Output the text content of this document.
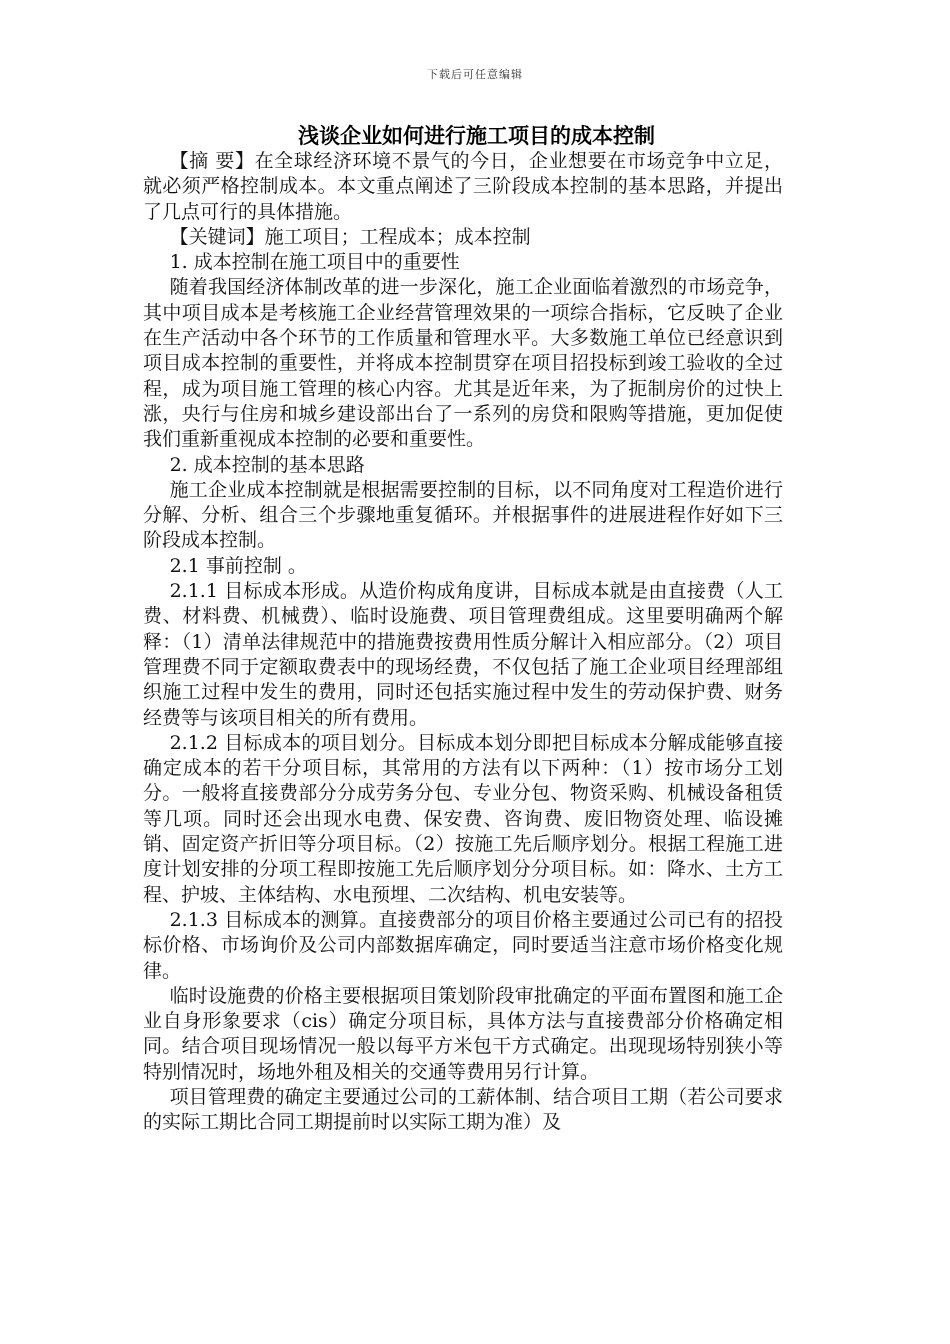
下载后可任意编辑
浅谈企业如何进行施工项目的成本控制

【摘 要】在全球经济环境不景气的今日，企业想要在市场竞争中立足，就必须严格控制成本。本文重点阐述了三阶段成本控制的基本思路，并提出了几点可行的具体措施。

【关键词】施工项目；工程成本；成本控制

1. 成本控制在施工项目中的重要性

随着我国经济体制改革的进一步深化，施工企业面临着激烈的市场竞争，其中项目成本是考核施工企业经营管理效果的一项综合指标，它反映了企业在生产活动中各个环节的工作质量和管理水平。大多数施工单位已经意识到项目成本控制的重要性，并将成本控制贯穿在项目招投标到竣工验收的全过程，成为项目施工管理的核心内容。尤其是近年来，为了扼制房价的过快上涨，央行与住房和城乡建设部出台了一系列的房贷和限购等措施，更加促使我们重新重视成本控制的必要和重要性。

2. 成本控制的基本思路

施工企业成本控制就是根据需要控制的目标，以不同角度对工程造价进行分解、分析、组合三个步骤地重复循环。并根据事件的进展进程作好如下三阶段成本控制。

2.1 事前控制 。

2.1.1 目标成本形成。从造价构成角度讲，目标成本就是由直接费（人工费、材料费、机械费）、临时设施费、项目管理费组成。这里要明确两个解释：（1）清单法律规范中的措施费按费用性质分解计入相应部分。（2）项目管理费不同于定额取费表中的现场经费，不仅包括了施工企业项目经理部组织施工过程中发生的费用，同时还包括实施过程中发生的劳动保护费、财务经费等与该项目相关的所有费用。

2.1.2 目标成本的项目划分。目标成本划分即把目标成本分解成能够直接确定成本的若干分项目标，其常用的方法有以下两种：（1）按市场分工划分。一般将直接费部分分成劳务分包、专业分包、物资采购、机械设备租赁等几项。同时还会出现水电费、保安费、咨询费、废旧物资处理、临设摊销、固定资产折旧等分项目标。（2）按施工先后顺序划分。根据工程施工进度计划安排的分项工程即按施工先后顺序划分分项目标。如：降水、土方工程、护坡、主体结构、水电预埋、二次结构、机电安装等。

2.1.3 目标成本的测算。直接费部分的项目价格主要通过公司已有的招投标价格、市场询价及公司内部数据库确定，同时要适当注意市场价格变化规律。

临时设施费的价格主要根据项目策划阶段审批确定的平面布置图和施工企业自身形象要求（cis）确定分项目标，具体方法与直接费部分价格确定相同。结合项目现场情况一般以每平方米包干方式确定。出现现场特别狭小等特别情况时，场地外租及相关的交通等费用另行计算。

项目管理费的确定主要通过公司的工薪体制、结合项目工期（若公司要求的实际工期比合同工期提前时以实际工期为准）及
